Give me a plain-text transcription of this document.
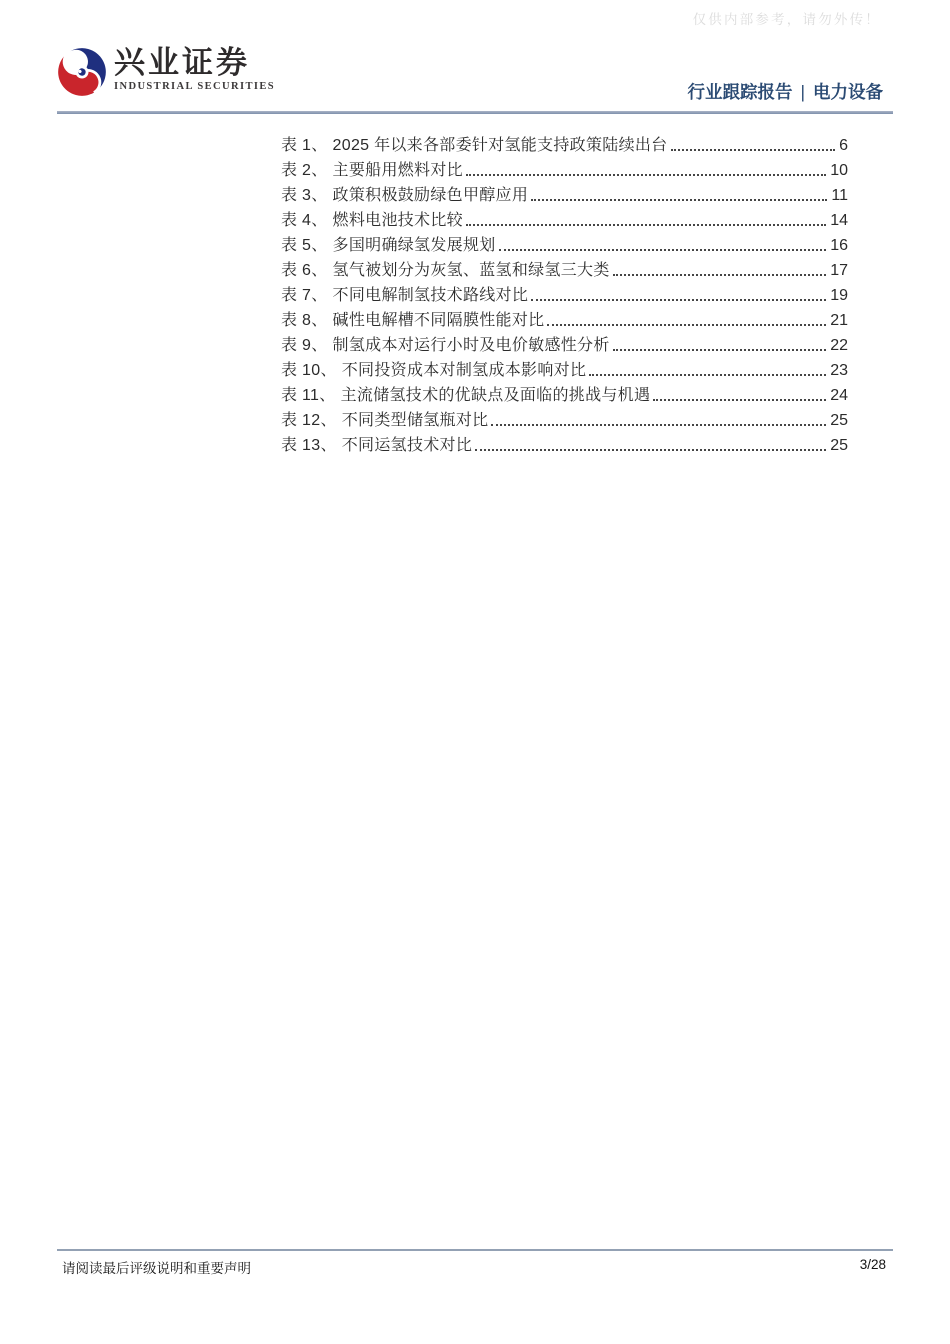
仅供内部参考，请勿外传！
兴业证券
INDUSTRIAL SECURITIES	行业跟踪报告 | 电力设备
表 1、 2025 年以来各部委针对氢能支持政策陆续出台	6
表 2、 主要船用燃料对比	10
表 3、 政策积极鼓励绿色甲醇应用	11
表 4、 燃料电池技术比较	14
表 5、 多国明确绿氢发展规划	16
表 6、 氢气被划分为灰氢、蓝氢和绿氢三大类	17
表 7、 不同电解制氢技术路线对比	19
表 8、 碱性电解槽不同隔膜性能对比	21
表 9、 制氢成本对运行小时及电价敏感性分析	22
表 10、 不同投资成本对制氢成本影响对比	23
表 11、 主流储氢技术的优缺点及面临的挑战与机遇	24
表 12、 不同类型储氢瓶对比	25
表 13、 不同运氢技术对比	25
请阅读最后评级说明和重要声明	3/28
